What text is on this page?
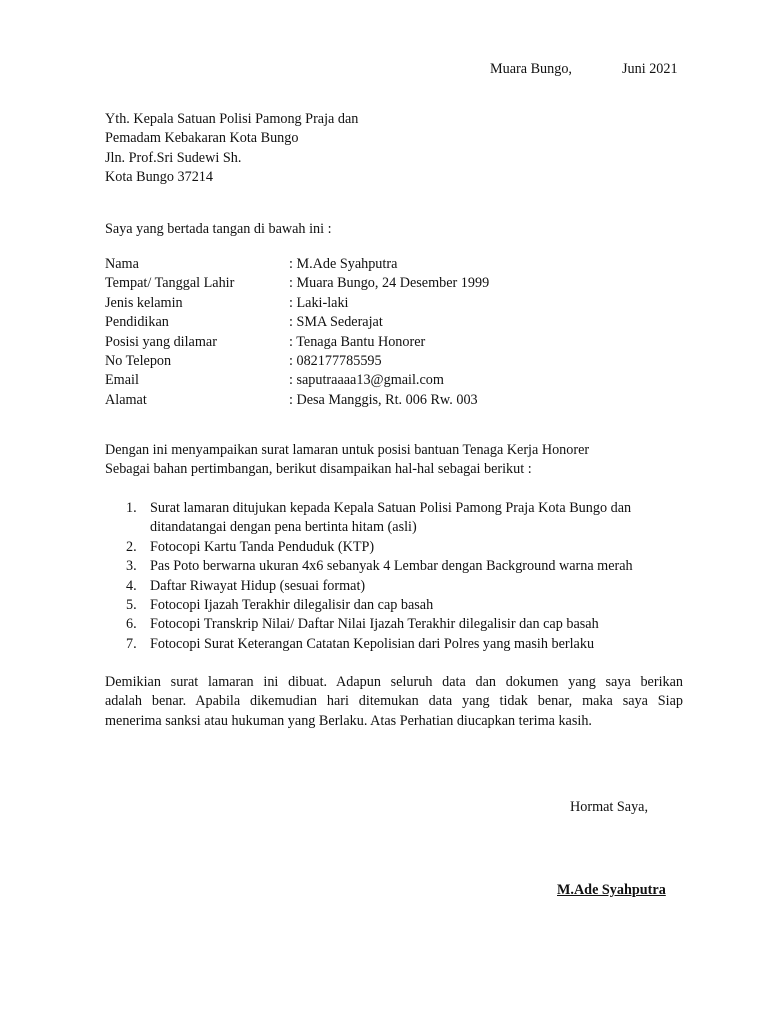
Muara Bungo,	Juni 2021
Yth. Kepala Satuan Polisi Pamong Praja dan
Pemadam Kebakaran Kota Bungo
Jln. Prof.Sri Sudewi Sh.
Kota Bungo 37214
Saya yang bertada tangan di bawah ini :
Nama	: M.Ade Syahputra
Tempat/ Tanggal Lahir	: Muara Bungo, 24 Desember 1999
Jenis kelamin	: Laki-laki
Pendidikan	: SMA Sederajat
Posisi yang dilamar	: Tenaga Bantu Honorer
No Telepon	: 082177785595
Email	: saputraaaa13@gmail.com
Alamat	: Desa Manggis, Rt. 006 Rw. 003
Dengan ini menyampaikan surat lamaran untuk posisi bantuan Tenaga Kerja Honorer
Sebagai bahan pertimbangan, berikut disampaikan hal-hal sebagai berikut :
1. Surat lamaran ditujukan kepada Kepala Satuan Polisi Pamong Praja Kota Bungo dan ditandatangai dengan pena bertinta hitam (asli)
2. Fotocopi Kartu Tanda Penduduk (KTP)
3. Pas Poto berwarna ukuran 4x6 sebanyak 4 Lembar dengan Background warna merah
4. Daftar Riwayat Hidup (sesuai format)
5. Fotocopi Ijazah Terakhir dilegalisir dan cap basah
6. Fotocopi Transkrip Nilai/ Daftar Nilai Ijazah Terakhir dilegalisir dan cap basah
7. Fotocopi Surat Keterangan Catatan Kepolisian dari Polres yang masih berlaku
Demikian surat lamaran ini dibuat. Adapun seluruh data dan dokumen yang saya berikan
adalah benar. Apabila dikemudian hari ditemukan data yang tidak benar, maka saya Siap
menerima sanksi atau hukuman yang Berlaku. Atas Perhatian diucapkan terima kasih.
Hormat Saya,
M.Ade Syahputra
